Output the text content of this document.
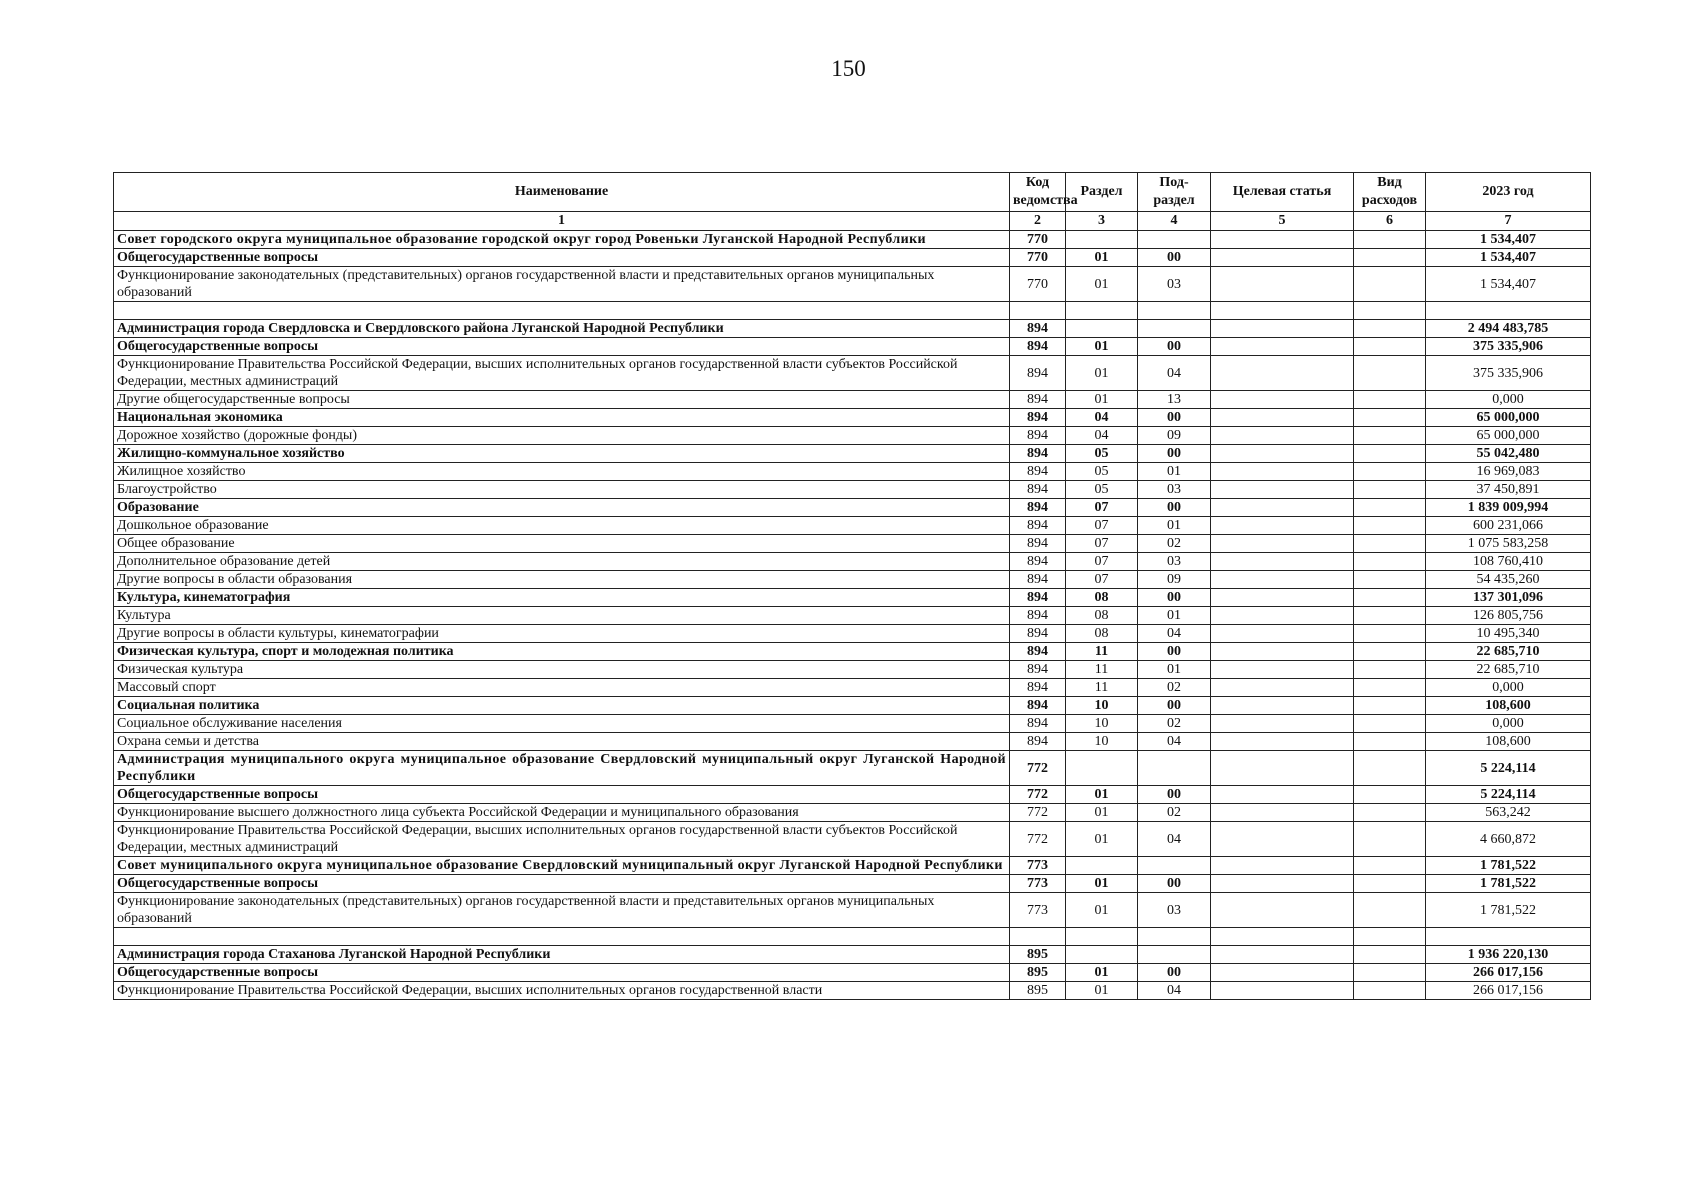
150
Наименование	Код ведомства	Раздел	Под-раздел	Целевая статья	Вид расходов	2023 год
1	2	3	4	5	6	7
Совет городского округа муниципальное образование городской округ город Ровеньки Луганской Народной Республики	770					1 534,407
Общегосударственные вопросы	770	01	00			1 534,407
Функционирование законодательных (представительных) органов государственной власти и представительных органов муниципальных образований	770	01	03			1 534,407

Администрация города Свердловска и Свердловского района Луганской Народной Республики	894					2 494 483,785
Общегосударственные вопросы	894	01	00			375 335,906
Функционирование Правительства Российской Федерации, высших исполнительных органов государственной власти субъектов Российской Федерации, местных администраций	894	01	04			375 335,906
Другие общегосударственные вопросы	894	01	13			0,000
Национальная экономика	894	04	00			65 000,000
Дорожное хозяйство (дорожные фонды)	894	04	09			65 000,000
Жилищно-коммунальное хозяйство	894	05	00			55 042,480
Жилищное хозяйство	894	05	01			16 969,083
Благоустройство	894	05	03			37 450,891
Образование	894	07	00			1 839 009,994
Дошкольное образование	894	07	01			600 231,066
Общее образование	894	07	02			1 075 583,258
Дополнительное образование детей	894	07	03			108 760,410
Другие вопросы в области образования	894	07	09			54 435,260
Культура, кинематография	894	08	00			137 301,096
Культура	894	08	01			126 805,756
Другие вопросы в области культуры, кинематографии	894	08	04			10 495,340
Физическая культура, спорт и молодежная политика	894	11	00			22 685,710
Физическая культура	894	11	01			22 685,710
Массовый спорт	894	11	02			0,000
Социальная политика	894	10	00			108,600
Социальное обслуживание населения	894	10	02			0,000
Охрана семьи и детства	894	10	04			108,600
Администрация муниципального округа муниципальное образование Свердловский муниципальный округ Луганской Народной Республики	772					5 224,114
Общегосударственные вопросы	772	01	00			5 224,114
Функционирование высшего должностного лица субъекта Российской Федерации и муниципального образования	772	01	02			563,242
Функционирование Правительства Российской Федерации, высших исполнительных органов государственной власти субъектов Российской Федерации, местных администраций	772	01	04			4 660,872
Совет муниципального округа муниципальное образование Свердловский муниципальный округ Луганской Народной Республики	773					1 781,522
Общегосударственные вопросы	773	01	00			1 781,522
Функционирование законодательных (представительных) органов государственной власти и представительных органов муниципальных образований	773	01	03			1 781,522

Администрация города Стаханова Луганской Народной Республики	895					1 936 220,130
Общегосударственные вопросы	895	01	00			266 017,156
Функционирование Правительства Российской Федерации, высших исполнительных органов государственной власти	895	01	04			266 017,156
